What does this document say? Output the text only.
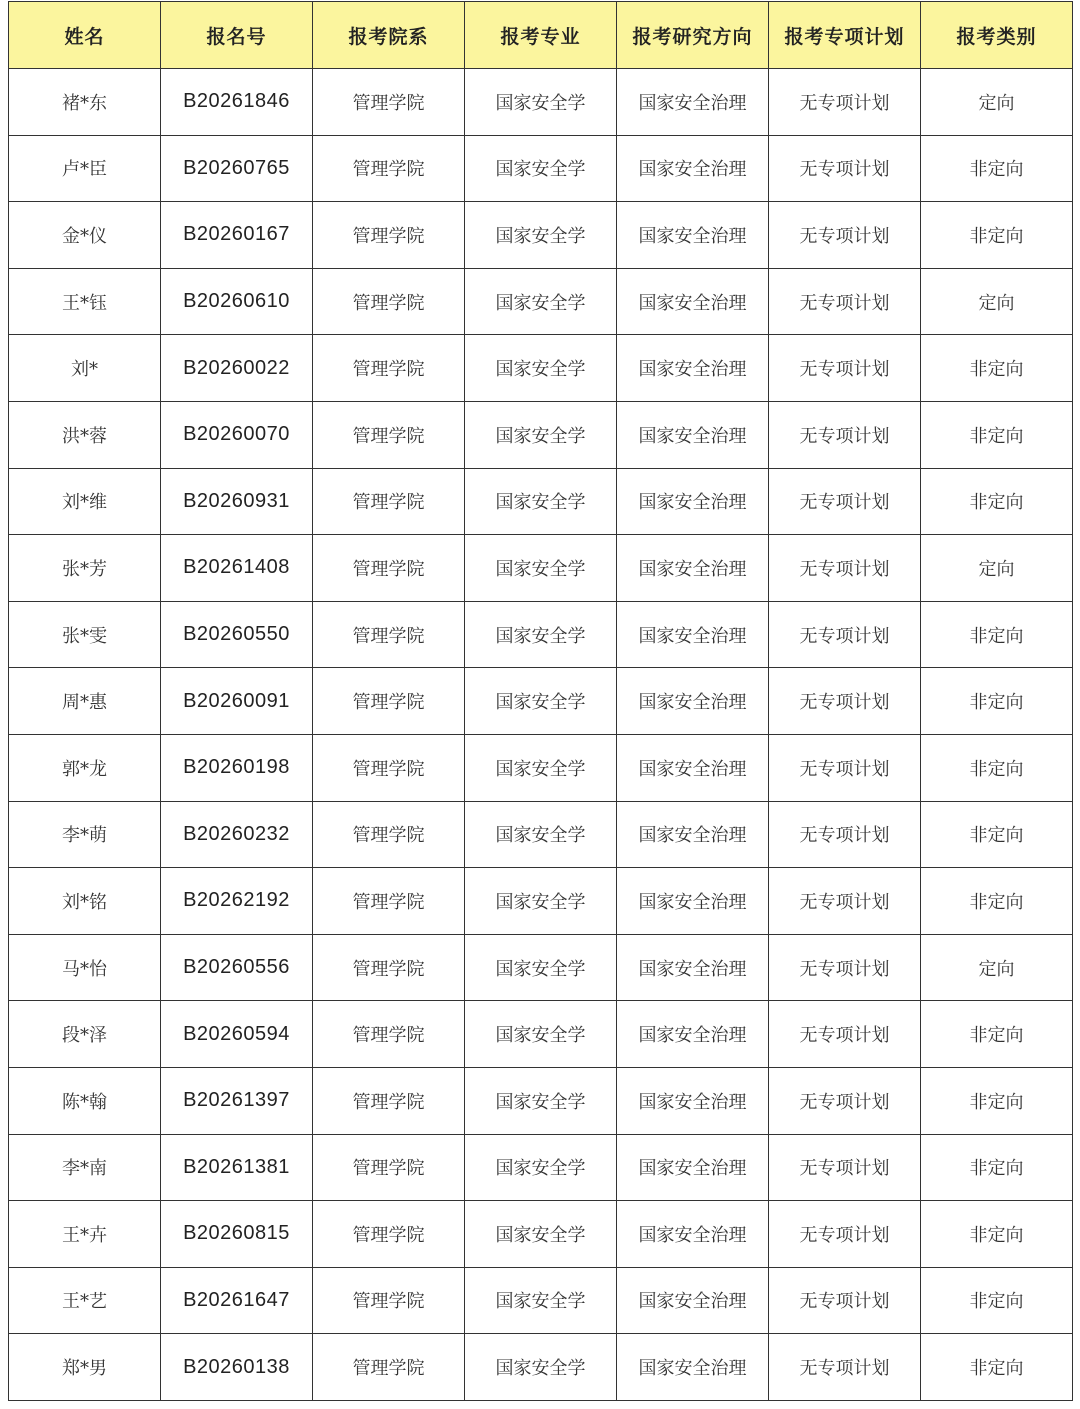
姓名	报名号	报考院系	报考专业	报考研究方向	报考专项计划	报考类别
褚*东	B20261846	管理学院	国家安全学	国家安全治理	无专项计划	定向
卢*臣	B20260765	管理学院	国家安全学	国家安全治理	无专项计划	非定向
金*仪	B20260167	管理学院	国家安全学	国家安全治理	无专项计划	非定向
王*钰	B20260610	管理学院	国家安全学	国家安全治理	无专项计划	定向
刘*	B20260022	管理学院	国家安全学	国家安全治理	无专项计划	非定向
洪*蓉	B20260070	管理学院	国家安全学	国家安全治理	无专项计划	非定向
刘*维	B20260931	管理学院	国家安全学	国家安全治理	无专项计划	非定向
张*芳	B20261408	管理学院	国家安全学	国家安全治理	无专项计划	定向
张*雯	B20260550	管理学院	国家安全学	国家安全治理	无专项计划	非定向
周*惠	B20260091	管理学院	国家安全学	国家安全治理	无专项计划	非定向
郭*龙	B20260198	管理学院	国家安全学	国家安全治理	无专项计划	非定向
李*萌	B20260232	管理学院	国家安全学	国家安全治理	无专项计划	非定向
刘*铭	B20262192	管理学院	国家安全学	国家安全治理	无专项计划	非定向
马*怡	B20260556	管理学院	国家安全学	国家安全治理	无专项计划	定向
段*泽	B20260594	管理学院	国家安全学	国家安全治理	无专项计划	非定向
陈*翰	B20261397	管理学院	国家安全学	国家安全治理	无专项计划	非定向
李*南	B20261381	管理学院	国家安全学	国家安全治理	无专项计划	非定向
王*卉	B20260815	管理学院	国家安全学	国家安全治理	无专项计划	非定向
王*艺	B20261647	管理学院	国家安全学	国家安全治理	无专项计划	非定向
郑*男	B20260138	管理学院	国家安全学	国家安全治理	无专项计划	非定向
